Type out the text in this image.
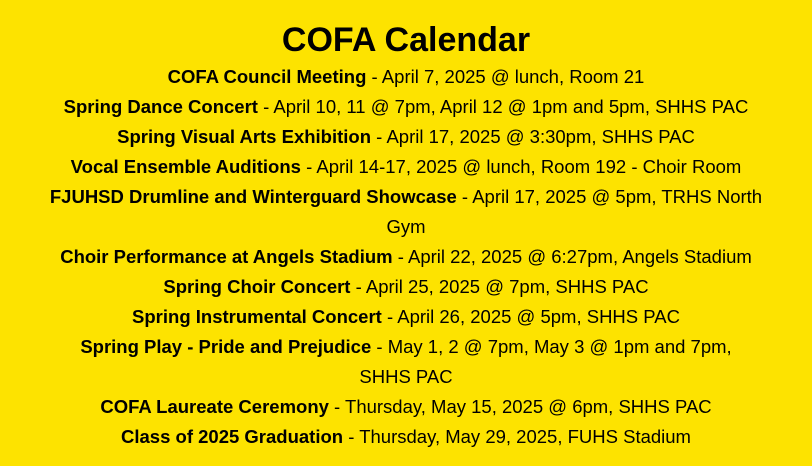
COFA Calendar
COFA Council Meeting - April 7, 2025 @ lunch, Room 21
Spring Dance Concert - April 10, 11 @ 7pm, April 12 @ 1pm and 5pm, SHHS PAC
Spring Visual Arts Exhibition - April 17, 2025 @ 3:30pm, SHHS PAC
Vocal Ensemble Auditions - April 14-17, 2025 @ lunch, Room 192 - Choir Room
FJUHSD Drumline and Winterguard Showcase - April 17, 2025 @ 5pm, TRHS North Gym
Choir Performance at Angels Stadium - April 22, 2025 @ 6:27pm, Angels Stadium
Spring Choir Concert - April 25, 2025 @ 7pm, SHHS PAC
Spring Instrumental Concert - April 26, 2025 @ 5pm, SHHS PAC
Spring Play - Pride and Prejudice - May 1, 2 @ 7pm, May 3 @ 1pm and 7pm, SHHS PAC
COFA Laureate Ceremony - Thursday, May 15, 2025 @ 6pm, SHHS PAC
Class of 2025 Graduation - Thursday, May 29, 2025, FUHS Stadium
